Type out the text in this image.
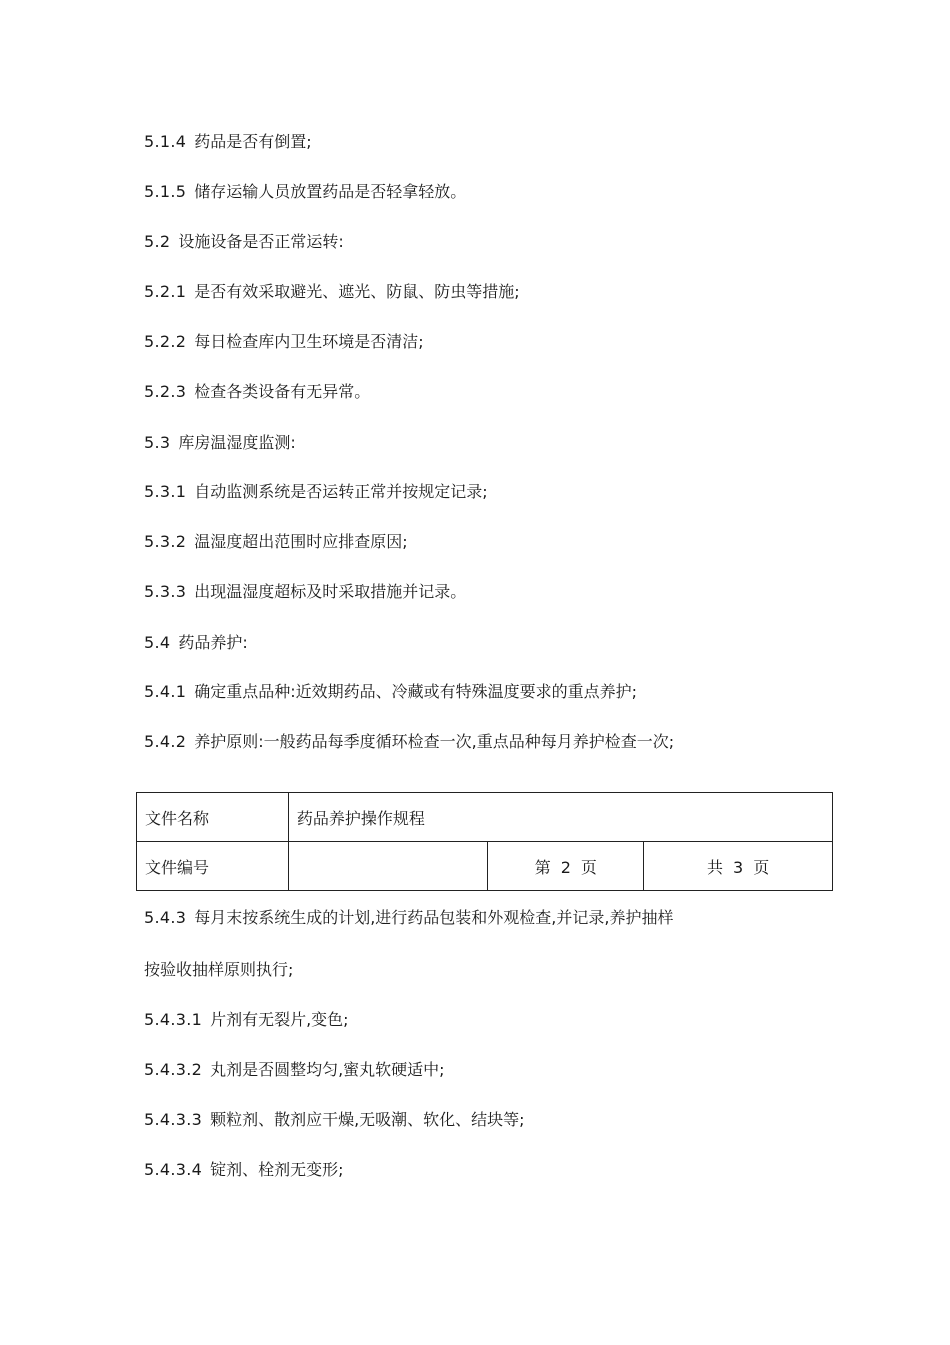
5.1.4 药品是否有倒置;
5.1.5 储存运输人员放置药品是否轻拿轻放。
5.2 设施设备是否正常运转:
5.2.1 是否有效采取避光、遮光、防鼠、防虫等措施;
5.2.2 每日检查库内卫生环境是否清洁;
5.2.3 检查各类设备有无异常。
5.3 库房温湿度监测:
5.3.1 自动监测系统是否运转正常并按规定记录;
5.3.2 温湿度超出范围时应排查原因;
5.3.3 出现温湿度超标及时采取措施并记录。
5.4 药品养护:
5.4.1 确定重点品种:近效期药品、冷藏或有特殊温度要求的重点养护;
5.4.2 养护原则:一般药品每季度循环检查一次,重点品种每月养护检查一次;
文件名称	药品养护操作规程		
文件编号		第 2 页	共 3 页
5.4.3 每月末按系统生成的计划,进行药品包装和外观检查,并记录,养护抽样
按验收抽样原则执行;
5.4.3.1 片剂有无裂片,变色;
5.4.3.2 丸剂是否圆整均匀,蜜丸软硬适中;
5.4.3.3 颗粒剂、散剂应干燥,无吸潮、软化、结块等;
5.4.3.4 锭剂、栓剂无变形;
